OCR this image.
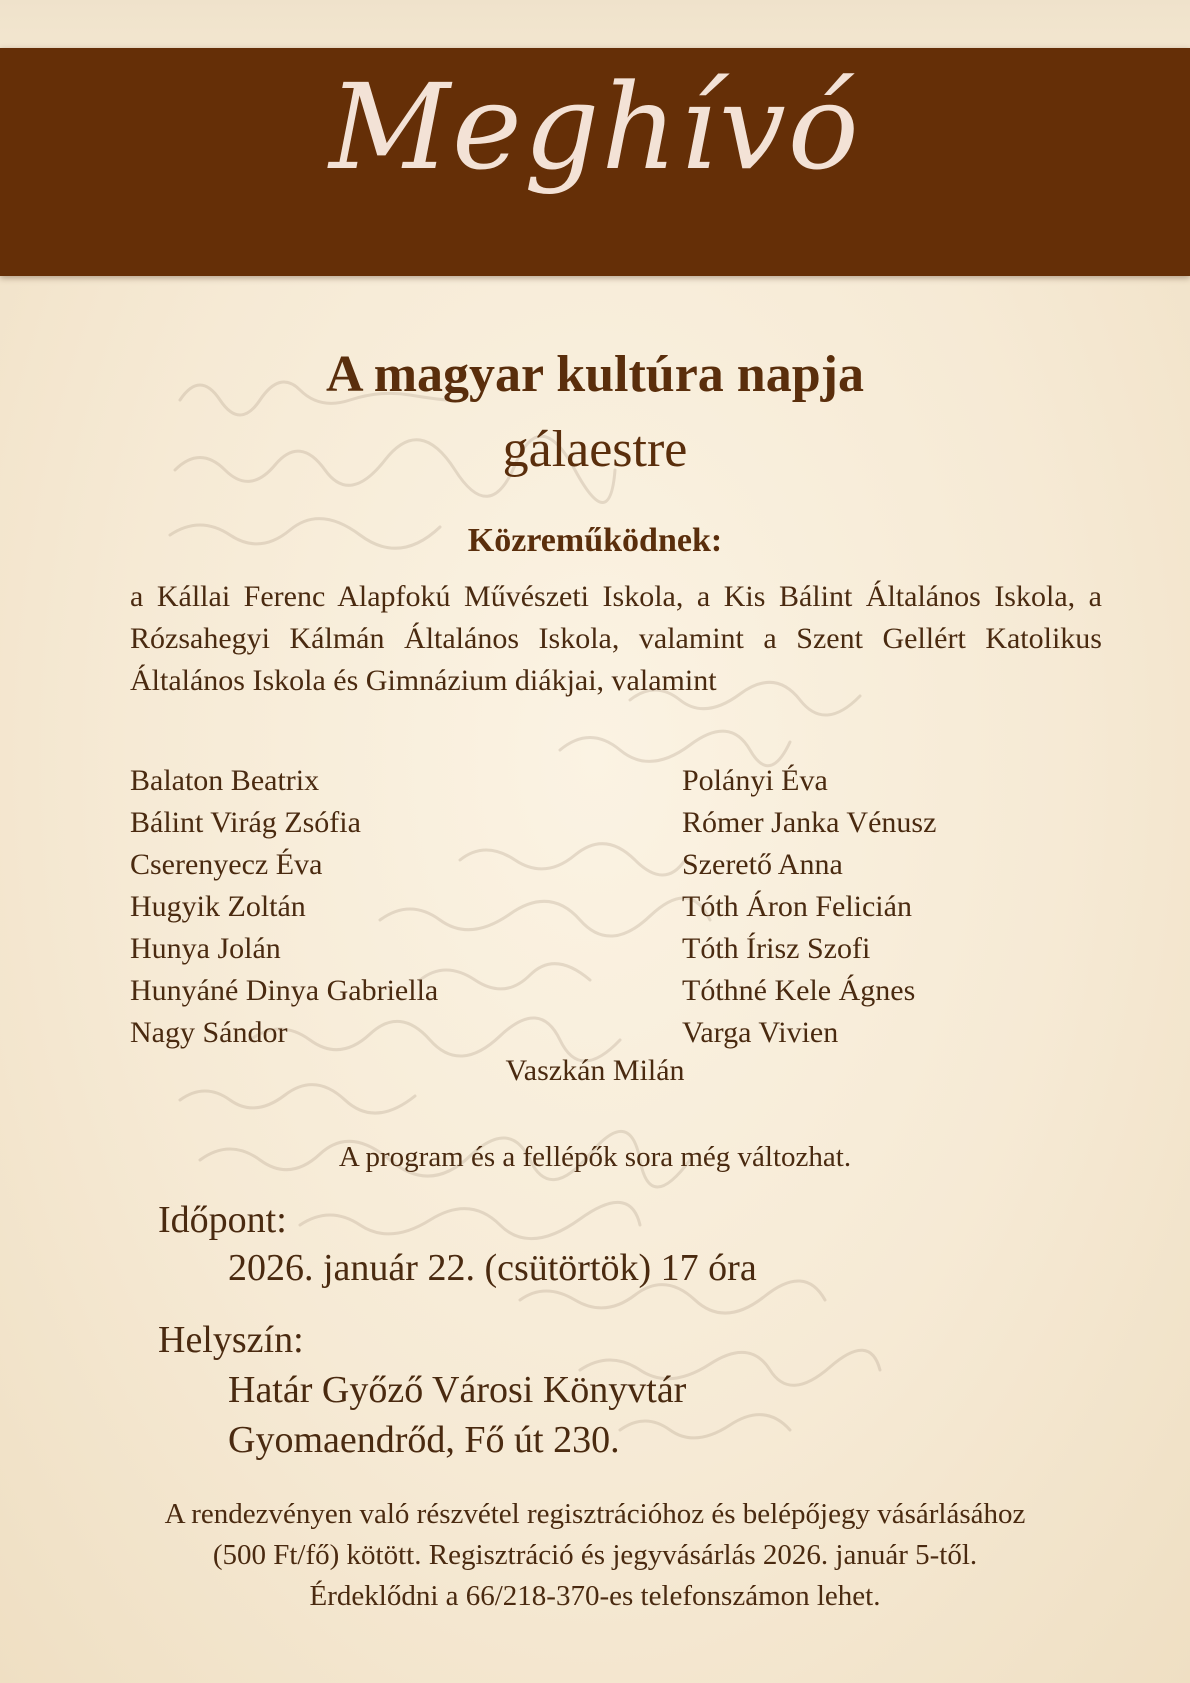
Meghívó
A magyar kultúra napja
gálaestre
Közreműködnek:
a Kállai Ferenc Alapfokú Művészeti Iskola, a Kis Bálint Általános Iskola, a Rózsahegyi Kálmán Általános Iskola, valamint a Szent Gellért Katolikus Általános Iskola és Gimnázium diákjai, valamint
Balaton Beatrix
Bálint Virág Zsófia
Cserenyecz Éva
Hugyik Zoltán
Hunya Jolán
Hunyáné Dinya Gabriella
Nagy Sándor
Polányi Éva
Rómer Janka Vénusz
Szerető Anna
Tóth Áron Felicián
Tóth Írisz Szofi
Tóthné Kele Ágnes
Varga Vivien
Vaszkán Milán
A program és a fellépők sora még változhat.
Időpont:
2026. január 22. (csütörtök) 17 óra
Helyszín:
Határ Győző Városi Könyvtár
Gyomaendrőd, Fő út 230.
A rendezvényen való részvétel regisztrációhoz és belépőjegy vásárlásához
(500 Ft/fő) kötött. Regisztráció és jegyvásárlás 2026. január 5-től.
Érdeklődni a 66/218-370-es telefonszámon lehet.
